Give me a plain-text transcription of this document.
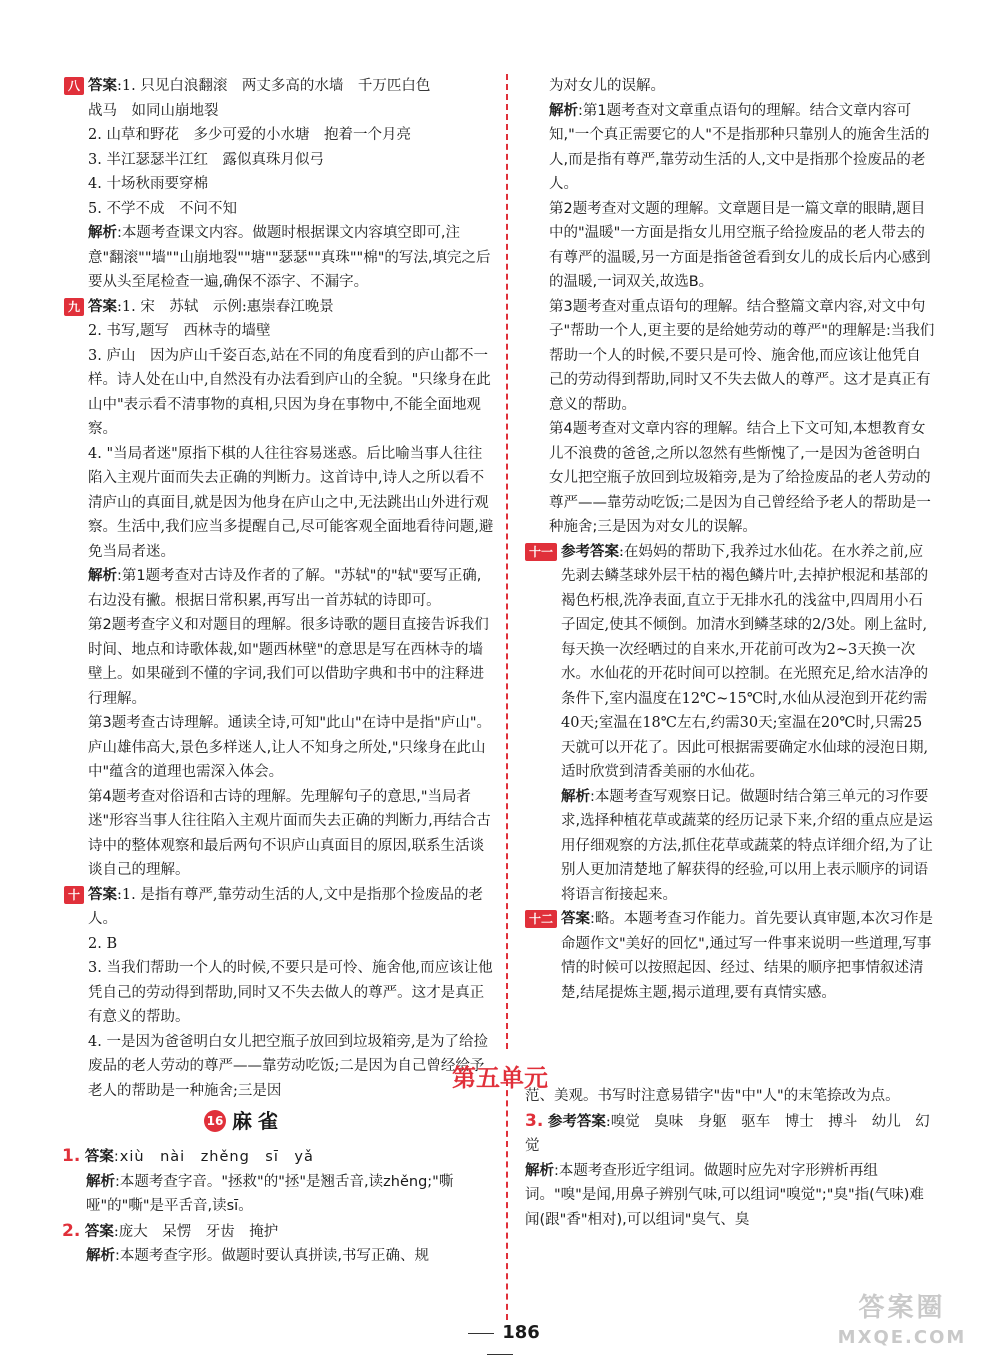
八 答案:1. 只见白浪翻滚　两丈多高的水墙　千万匹白色
战马　如同山崩地裂
2. 山草和野花　多少可爱的小水塘　抱着一个月亮
3. 半江瑟瑟半江红　露似真珠月似弓
4. 十场秋雨要穿棉
5. 不学不成　不问不知

解析:本题考查课文内容。做题时根据课文内容填空即可,注意"翻滚""墙""山崩地裂""塘""瑟瑟""真珠""棉"的写法,填完之后要从头至尾检查一遍,确保不添字、不漏字。

九 答案:1. 宋　苏轼　示例:惠崇春江晚景
2. 书写,题写　西林寺的墙壁
3. 庐山　因为庐山千姿百态,站在不同的角度看到的庐山都不一样。诗人处在山中,自然没有办法看到庐山的全貌。"只缘身在此山中"表示看不清事物的真相,只因为身在事物中,不能全面地观察。
4. "当局者迷"原指下棋的人往往容易迷惑。后比喻当事人往往陷入主观片面而失去正确的判断力。这首诗中,诗人之所以看不清庐山的真面目,就是因为他身在庐山之中,无法跳出山外进行观察。生活中,我们应当多提醒自己,尽可能客观全面地看待问题,避免当局者迷。

解析:第1题考查对古诗及作者的了解。"苏轼"的"轼"要写正确,右边没有撇。根据日常积累,再写出一首苏轼的诗即可。

第2题考查字义和对题目的理解。很多诗歌的题目直接告诉我们时间、地点和诗歌体裁,如"题西林壁"的意思是写在西林寺的墙壁上。如果碰到不懂的字词,我们可以借助字典和书中的注释进行理解。

第3题考查古诗理解。通读全诗,可知"此山"在诗中是指"庐山"。庐山雄伟高大,景色多样迷人,让人不知身之所处,"只缘身在此山中"蕴含的道理也需深入体会。

第4题考查对俗语和古诗的理解。先理解句子的意思,"当局者迷"形容当事人往往陷入主观片面而失去正确的判断力,再结合古诗中的整体观察和最后两句不识庐山真面目的原因,联系生活谈谈自己的理解。

十 答案:1. 是指有尊严,靠劳动生活的人,文中是指那个捡废品的老人。
2. B
3. 当我们帮助一个人的时候,不要只是可怜、施舍他,而应该让他凭自己的劳动得到帮助,同时又不失去做人的尊严。这才是真正有意义的帮助。
4. 一是因为爸爸明白女儿把空瓶子放回到垃圾箱旁,是为了给捡废品的老人劳动的尊严——靠劳动吃饭;二是因为自己曾经给予老人的帮助是一种施舍;三是因
为对女儿的误解。

解析:第1题考查对文章重点语句的理解。结合文章内容可知,"一个真正需要它的人"不是指那种只靠别人的施舍生活的人,而是指有尊严,靠劳动生活的人,文中是指那个捡废品的老人。

第2题考查对文题的理解。文章题目是一篇文章的眼睛,题目中的"温暖"一方面是指女儿用空瓶子给捡废品的老人带去的有尊严的温暖,另一方面是指爸爸看到女儿的成长后内心感到的温暖,一词双关,故选B。

第3题考查对重点语句的理解。结合整篇文章内容,对文中句子"帮助一个人,更主要的是给她劳动的尊严"的理解是:当我们帮助一个人的时候,不要只是可怜、施舍他,而应该让他凭自己的劳动得到帮助,同时又不失去做人的尊严。这才是真正有意义的帮助。

第4题考查对文章内容的理解。结合上下文可知,本想教育女儿不浪费的爸爸,之所以忽然有些惭愧了,一是因为爸爸明白女儿把空瓶子放回到垃圾箱旁,是为了给捡废品的老人劳动的尊严——靠劳动吃饭;二是因为自己曾经给予老人的帮助是一种施舍;三是因为对女儿的误解。

十一 参考答案:在妈妈的帮助下,我养过水仙花。在水养之前,应先剥去鳞茎球外层干枯的褐色鳞片叶,去掉护根泥和基部的褐色朽根,洗净表面,直立于无排水孔的浅盆中,四周用小石子固定,使其不倾倒。加清水到鳞茎球的2/3处。刚上盆时,每天换一次经晒过的自来水,开花前可改为2~3天换一次水。水仙花的开花时间可以控制。在光照充足,给水洁净的条件下,室内温度在12℃~15℃时,水仙从浸泡到开花约需40天;室温在18℃左右,约需30天;室温在20℃时,只需25天就可以开花了。因此可根据需要确定水仙球的浸泡日期,适时欣赏到清香美丽的水仙花。

解析:本题考查写观察日记。做题时结合第三单元的习作要求,选择种植花草或蔬菜的经历记录下来,介绍的重点应是运用仔细观察的方法,抓住花草或蔬菜的特点详细介绍,为了让别人更加清楚地了解获得的经验,可以用上表示顺序的词语将语言衔接起来。

十二 答案:略。本题考查习作能力。首先要认真审题,本次习作是命题作文"美好的回忆",通过写一件事来说明一些道理,写事情的时候可以按照起因、经过、结果的顺序把事情叙述清楚,结尾提炼主题,揭示道理,要有真情实感。

第五单元
16 麻雀
1. 答案:xiù　nài　zhěng　sī　yǎ

解析:本题考查字音。"拯救"的"拯"是翘舌音,读zhěng;"嘶哑"的"嘶"是平舌音,读sī。

2. 答案:庞大　呆愣　牙齿　掩护

解析:本题考查字形。做题时要认真拼读,书写正确、规

范、美观。书写时注意易错字"齿"中"人"的末笔捺改为点。

3. 参考答案:嗅觉　臭味　身躯　驱车　博士　搏斗　幼儿　幻觉

解析:本题考查形近字组词。做题时应先对字形辨析再组词。"嗅"是闻,用鼻子辨别气味,可以组词"嗅觉";"臭"指(气味)难闻(跟"香"相对),可以组词"臭气、臭

186
答案圈
MXQE.COM
